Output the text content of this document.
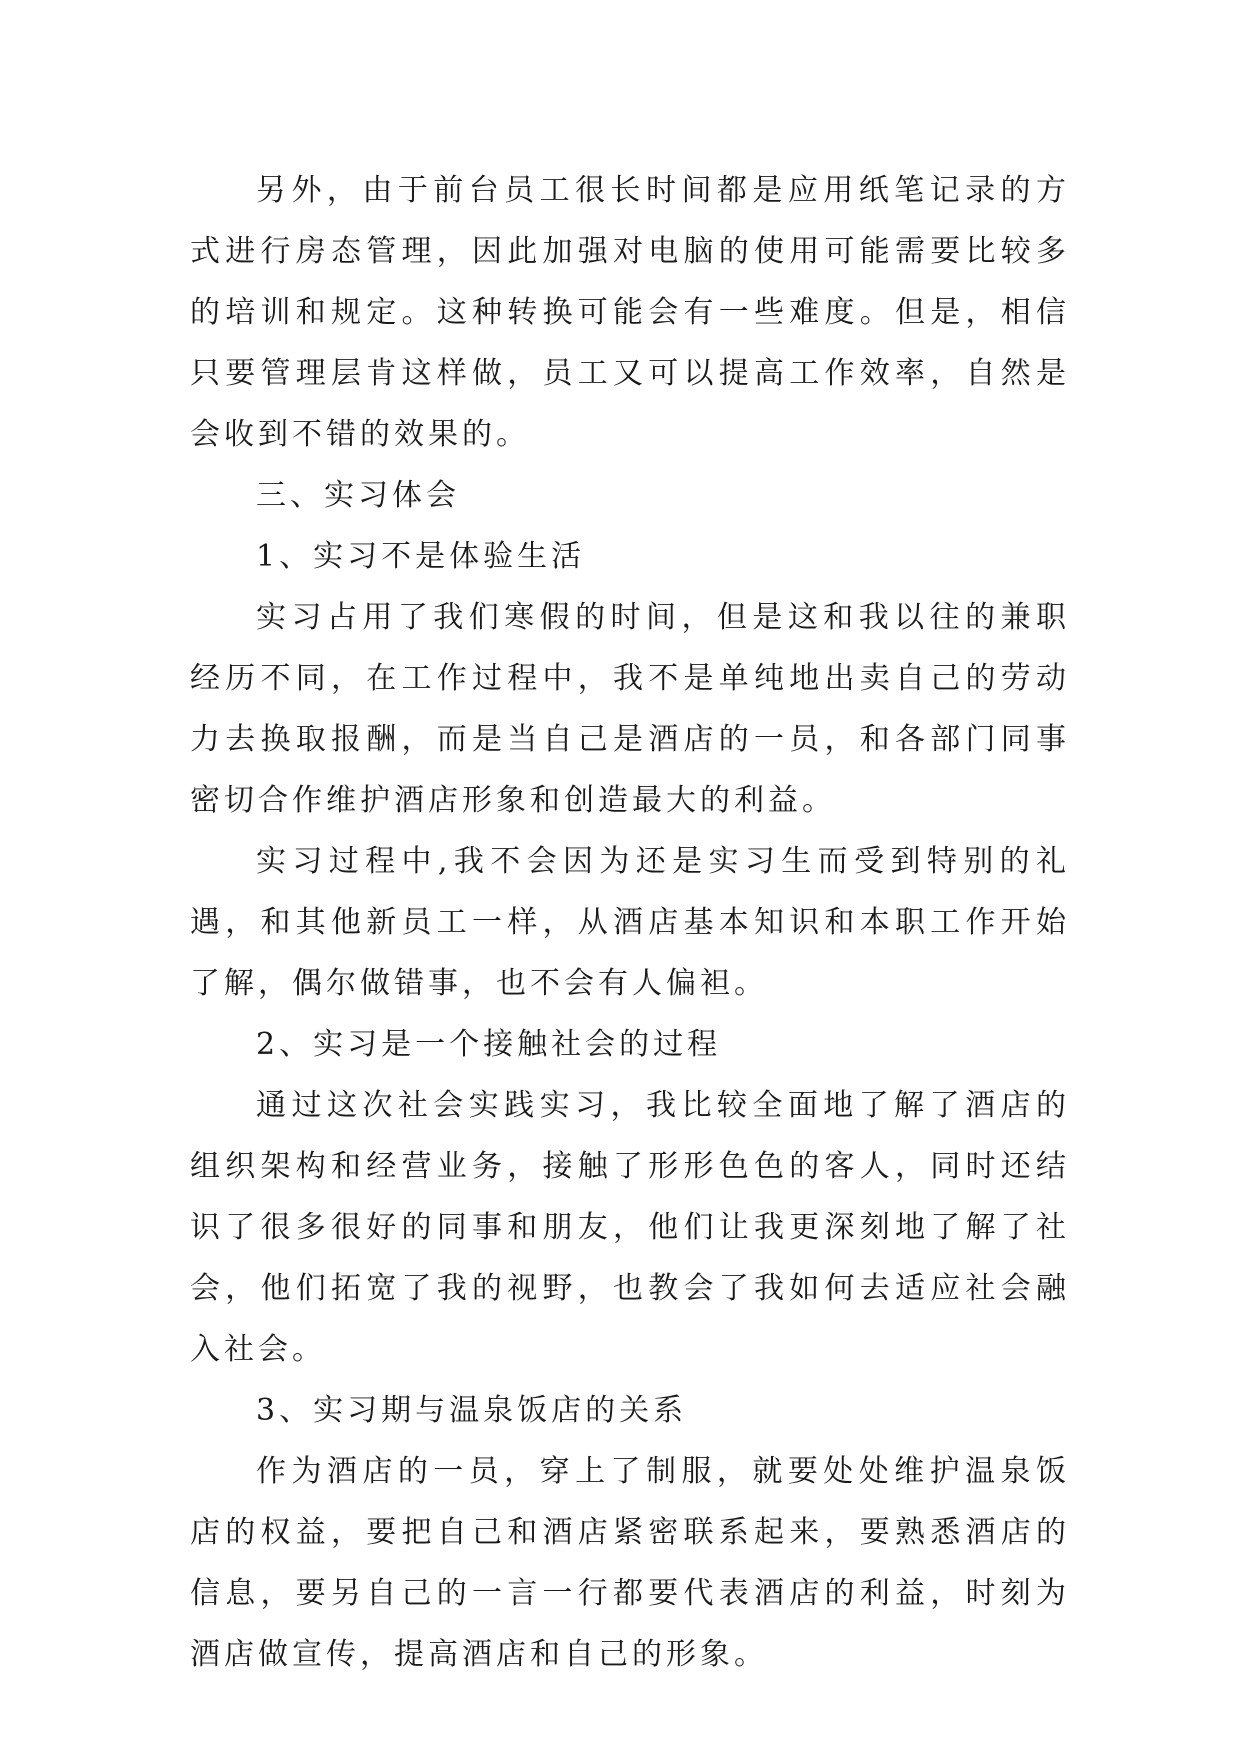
另外，由于前台员工很长时间都是应用纸笔记录的方式进行房态管理，因此加强对电脑的使用可能需要比较多的培训和规定。这种转换可能会有一些难度。但是，相信只要管理层肯这样做，员工又可以提高工作效率，自然是会收到不错的效果的。

三、实习体会

1、实习不是体验生活

实习占用了我们寒假的时间，但是这和我以往的兼职经历不同，在工作过程中，我不是单纯地出卖自己的劳动力去换取报酬，而是当自己是酒店的一员，和各部门同事密切合作维护酒店形象和创造最大的利益。

实习过程中,我不会因为还是实习生而受到特别的礼遇，和其他新员工一样，从酒店基本知识和本职工作开始了解，偶尔做错事，也不会有人偏袒。

2、实习是一个接触社会的过程

通过这次社会实践实习，我比较全面地了解了酒店的组织架构和经营业务，接触了形形色色的客人，同时还结识了很多很好的同事和朋友，他们让我更深刻地了解了社会，他们拓宽了我的视野，也教会了我如何去适应社会融入社会。

3、实习期与温泉饭店的关系

作为酒店的一员，穿上了制服，就要处处维护温泉饭店的权益，要把自己和酒店紧密联系起来，要熟悉酒店的信息，要另自己的一言一行都要代表酒店的利益，时刻为酒店做宣传，提高酒店和自己的形象。
